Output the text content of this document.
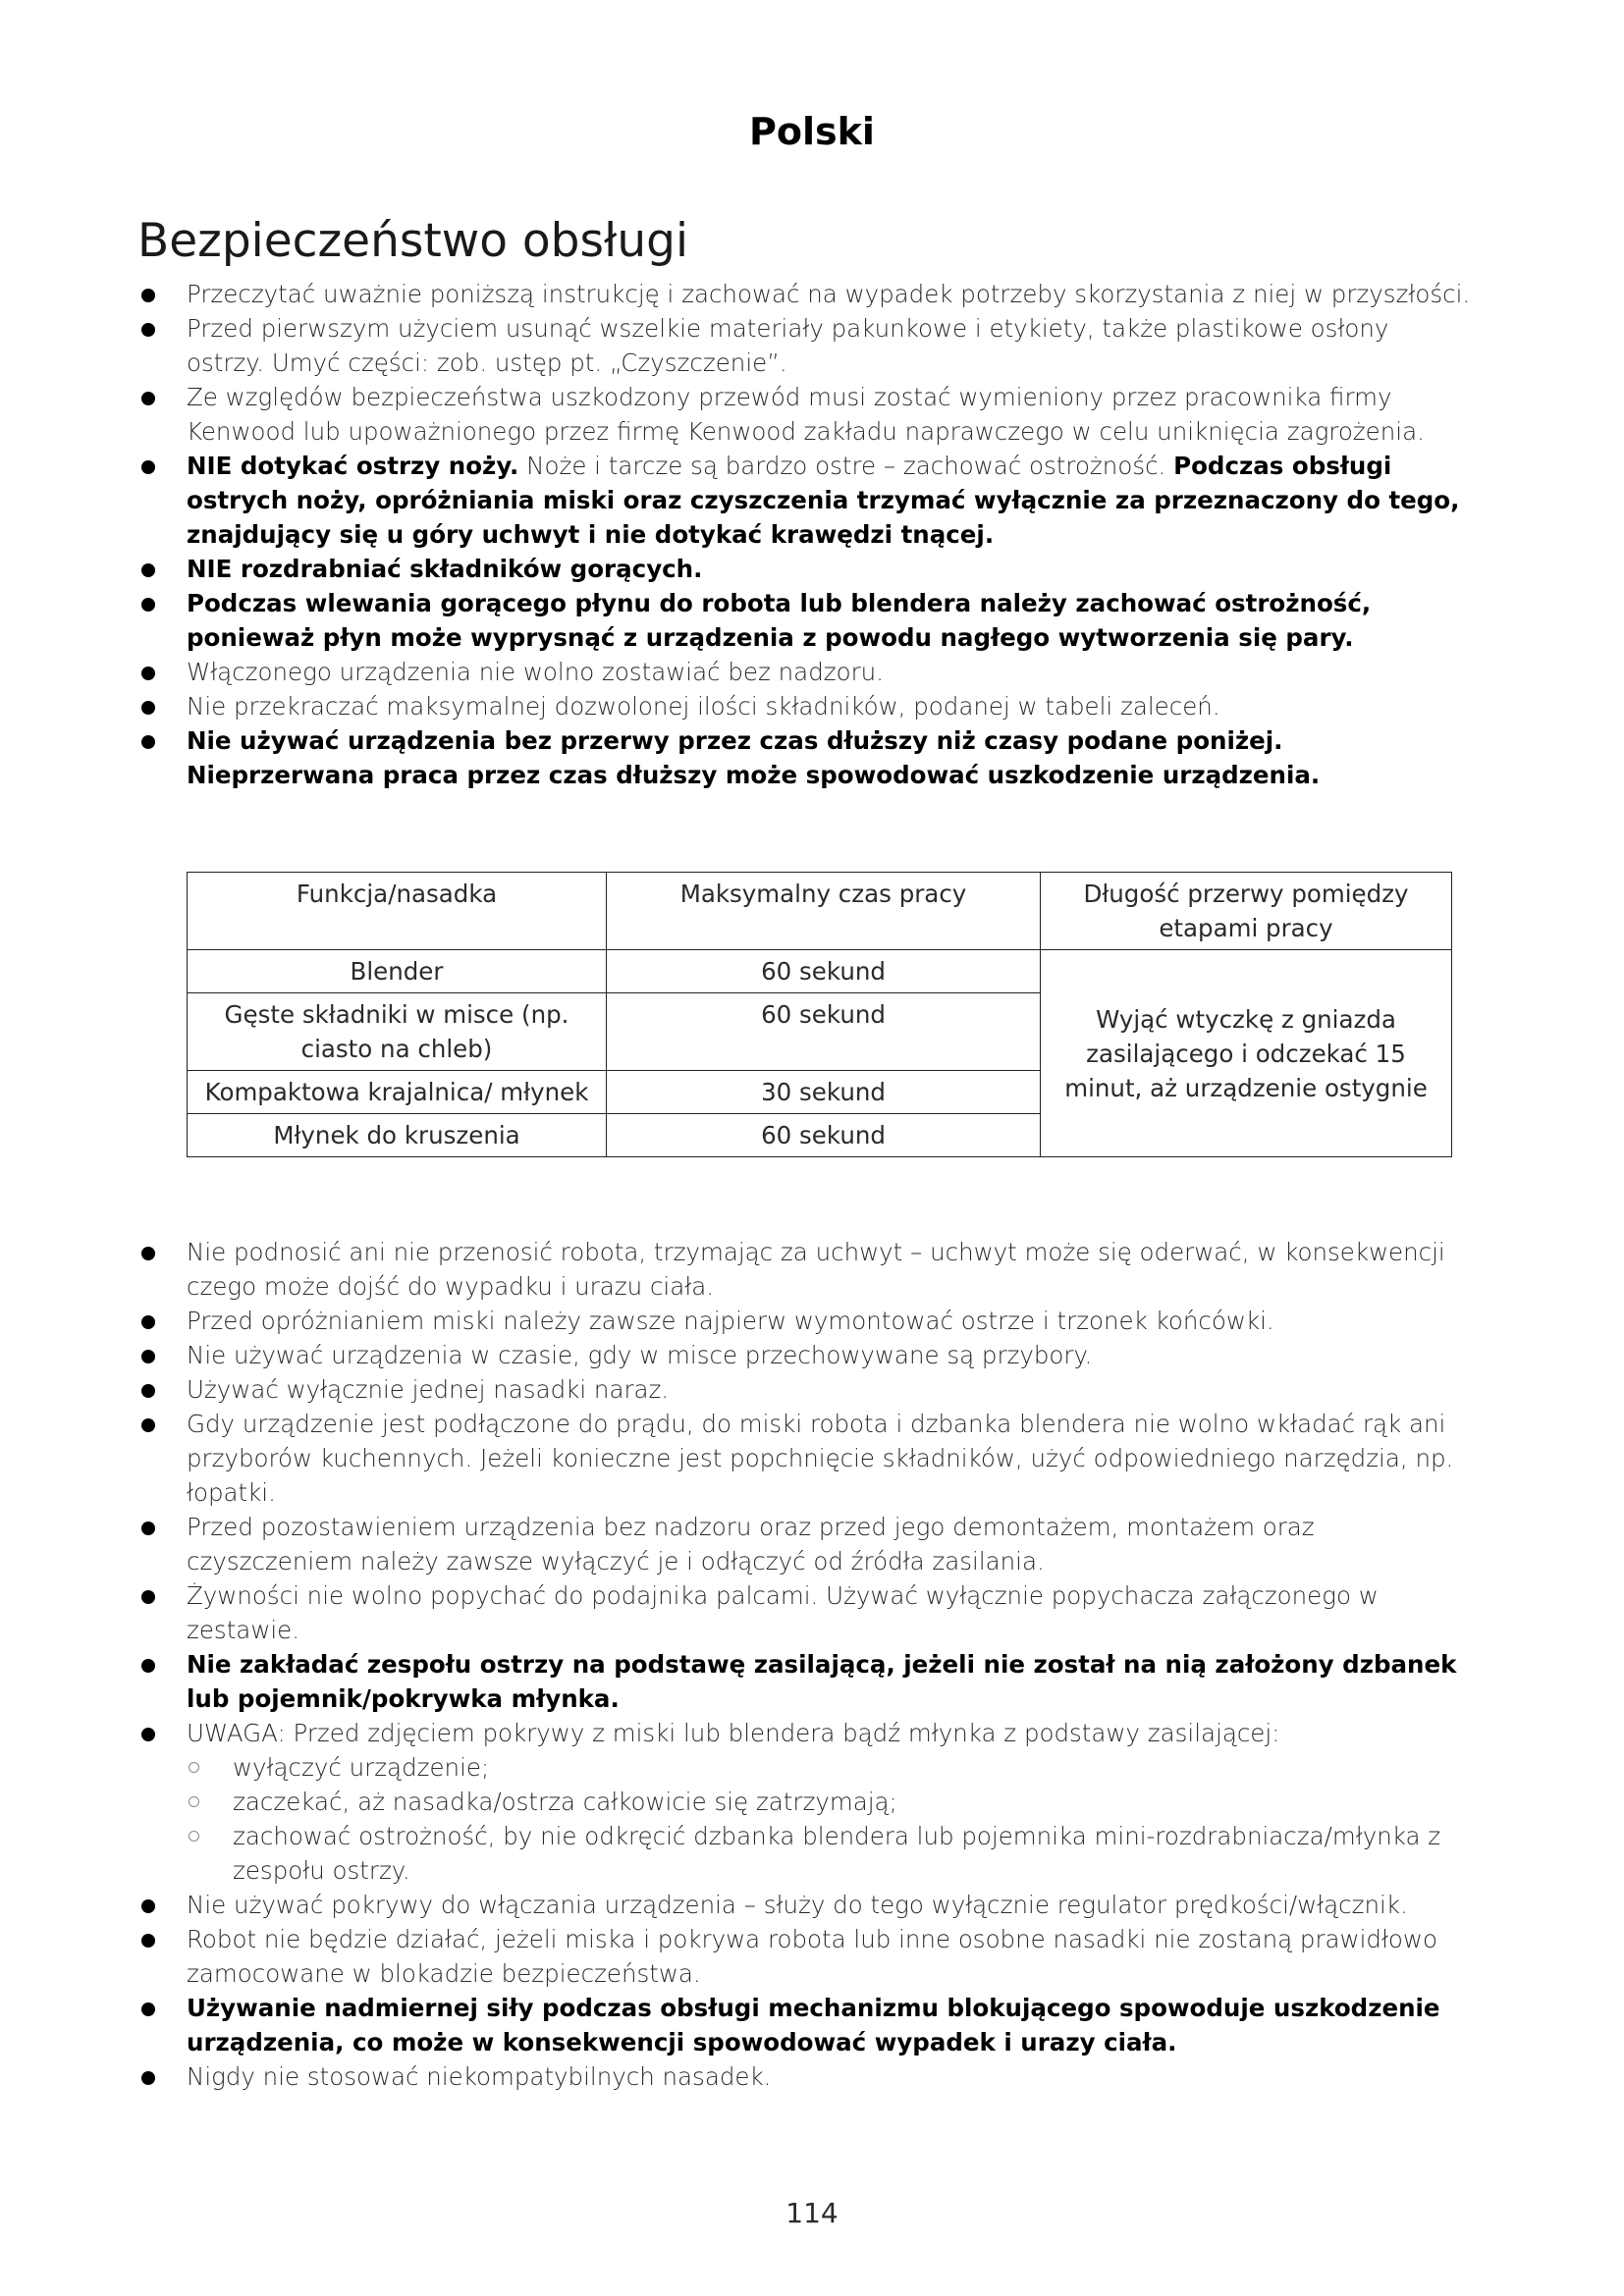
Polski
Bezpieczeństwo obsługi
Przeczytać uważnie poniższą instrukcję i zachować na wypadek potrzeby skorzystania z niej w przyszłości.
Przed pierwszym użyciem usunąć wszelkie materiały pakunkowe i etykiety, także plastikowe osłony ostrzy. Umyć części: zob. ustęp pt. „Czyszczenie”.
Ze względów bezpieczeństwa uszkodzony przewód musi zostać wymieniony przez pracownika firmy Kenwood lub upoważnionego przez firmę Kenwood zakładu naprawczego w celu uniknięcia zagrożenia.
NIE dotykać ostrzy noży. Noże i tarcze są bardzo ostre – zachować ostrożność. Podczas obsługi ostrych noży, opróżniania miski oraz czyszczenia trzymać wyłącznie za przeznaczony do tego, znajdujący się u góry uchwyt i nie dotykać krawędzi tnącej.
NIE rozdrabniać składników gorących.
Podczas wlewania gorącego płynu do robota lub blendera należy zachować ostrożność, ponieważ płyn może wyprysnąć z urządzenia z powodu nagłego wytworzenia się pary.
Włączonego urządzenia nie wolno zostawiać bez nadzoru.
Nie przekraczać maksymalnej dozwolonej ilości składników, podanej w tabeli zaleceń.
Nie używać urządzenia bez przerwy przez czas dłuższy niż czasy podane poniżej. Nieprzerwana praca przez czas dłuższy może spowodować uszkodzenie urządzenia.
Funkcja/nasadka	Maksymalny czas pracy	Długość przerwy pomiędzy etapami pracy
Blender	60 sekund	Wyjąć wtyczkę z gniazda zasilającego i odczekać 15 minut, aż urządzenie ostygnie
Gęste składniki w misce (np. ciasto na chleb)	60 sekund	
Kompaktowa krajalnica/ młynek	30 sekund	
Młynek do kruszenia	60 sekund	
Nie podnosić ani nie przenosić robota, trzymając za uchwyt – uchwyt może się oderwać, w konsekwencji czego może dojść do wypadku i urazu ciała.
Przed opróżnianiem miski należy zawsze najpierw wymontować ostrze i trzonek końcówki.
Nie używać urządzenia w czasie, gdy w misce przechowywane są przybory.
Używać wyłącznie jednej nasadki naraz.
Gdy urządzenie jest podłączone do prądu, do miski robota i dzbanka blendera nie wolno wkładać rąk ani przyborów kuchennych. Jeżeli konieczne jest popchnięcie składników, użyć odpowiedniego narzędzia, np. łopatki.
Przed pozostawieniem urządzenia bez nadzoru oraz przed jego demontażem, montażem oraz czyszczeniem należy zawsze wyłączyć je i odłączyć od źródła zasilania.
Żywności nie wolno popychać do podajnika palcami. Używać wyłącznie popychacza załączonego w zestawie.
Nie zakładać zespołu ostrzy na podstawę zasilającą, jeżeli nie został na nią założony dzbanek lub pojemnik/pokrywka młynka.
UWAGA: Przed zdjęciem pokrywy z miski lub blendera bądź młynka z podstawy zasilającej:
wyłączyć urządzenie;
zaczekać, aż nasadka/ostrza całkowicie się zatrzymają;
zachować ostrożność, by nie odkręcić dzbanka blendera lub pojemnika mini-rozdrabniacza/młynka z zespołu ostrzy.
Nie używać pokrywy do włączania urządzenia – służy do tego wyłącznie regulator prędkości/włącznik.
Robot nie będzie działać, jeżeli miska i pokrywa robota lub inne osobne nasadki nie zostaną prawidłowo zamocowane w blokadzie bezpieczeństwa.
Używanie nadmiernej siły podczas obsługi mechanizmu blokującego spowoduje uszkodzenie urządzenia, co może w konsekwencji spowodować wypadek i urazy ciała.
Nigdy nie stosować niekompatybilnych nasadek.
114
